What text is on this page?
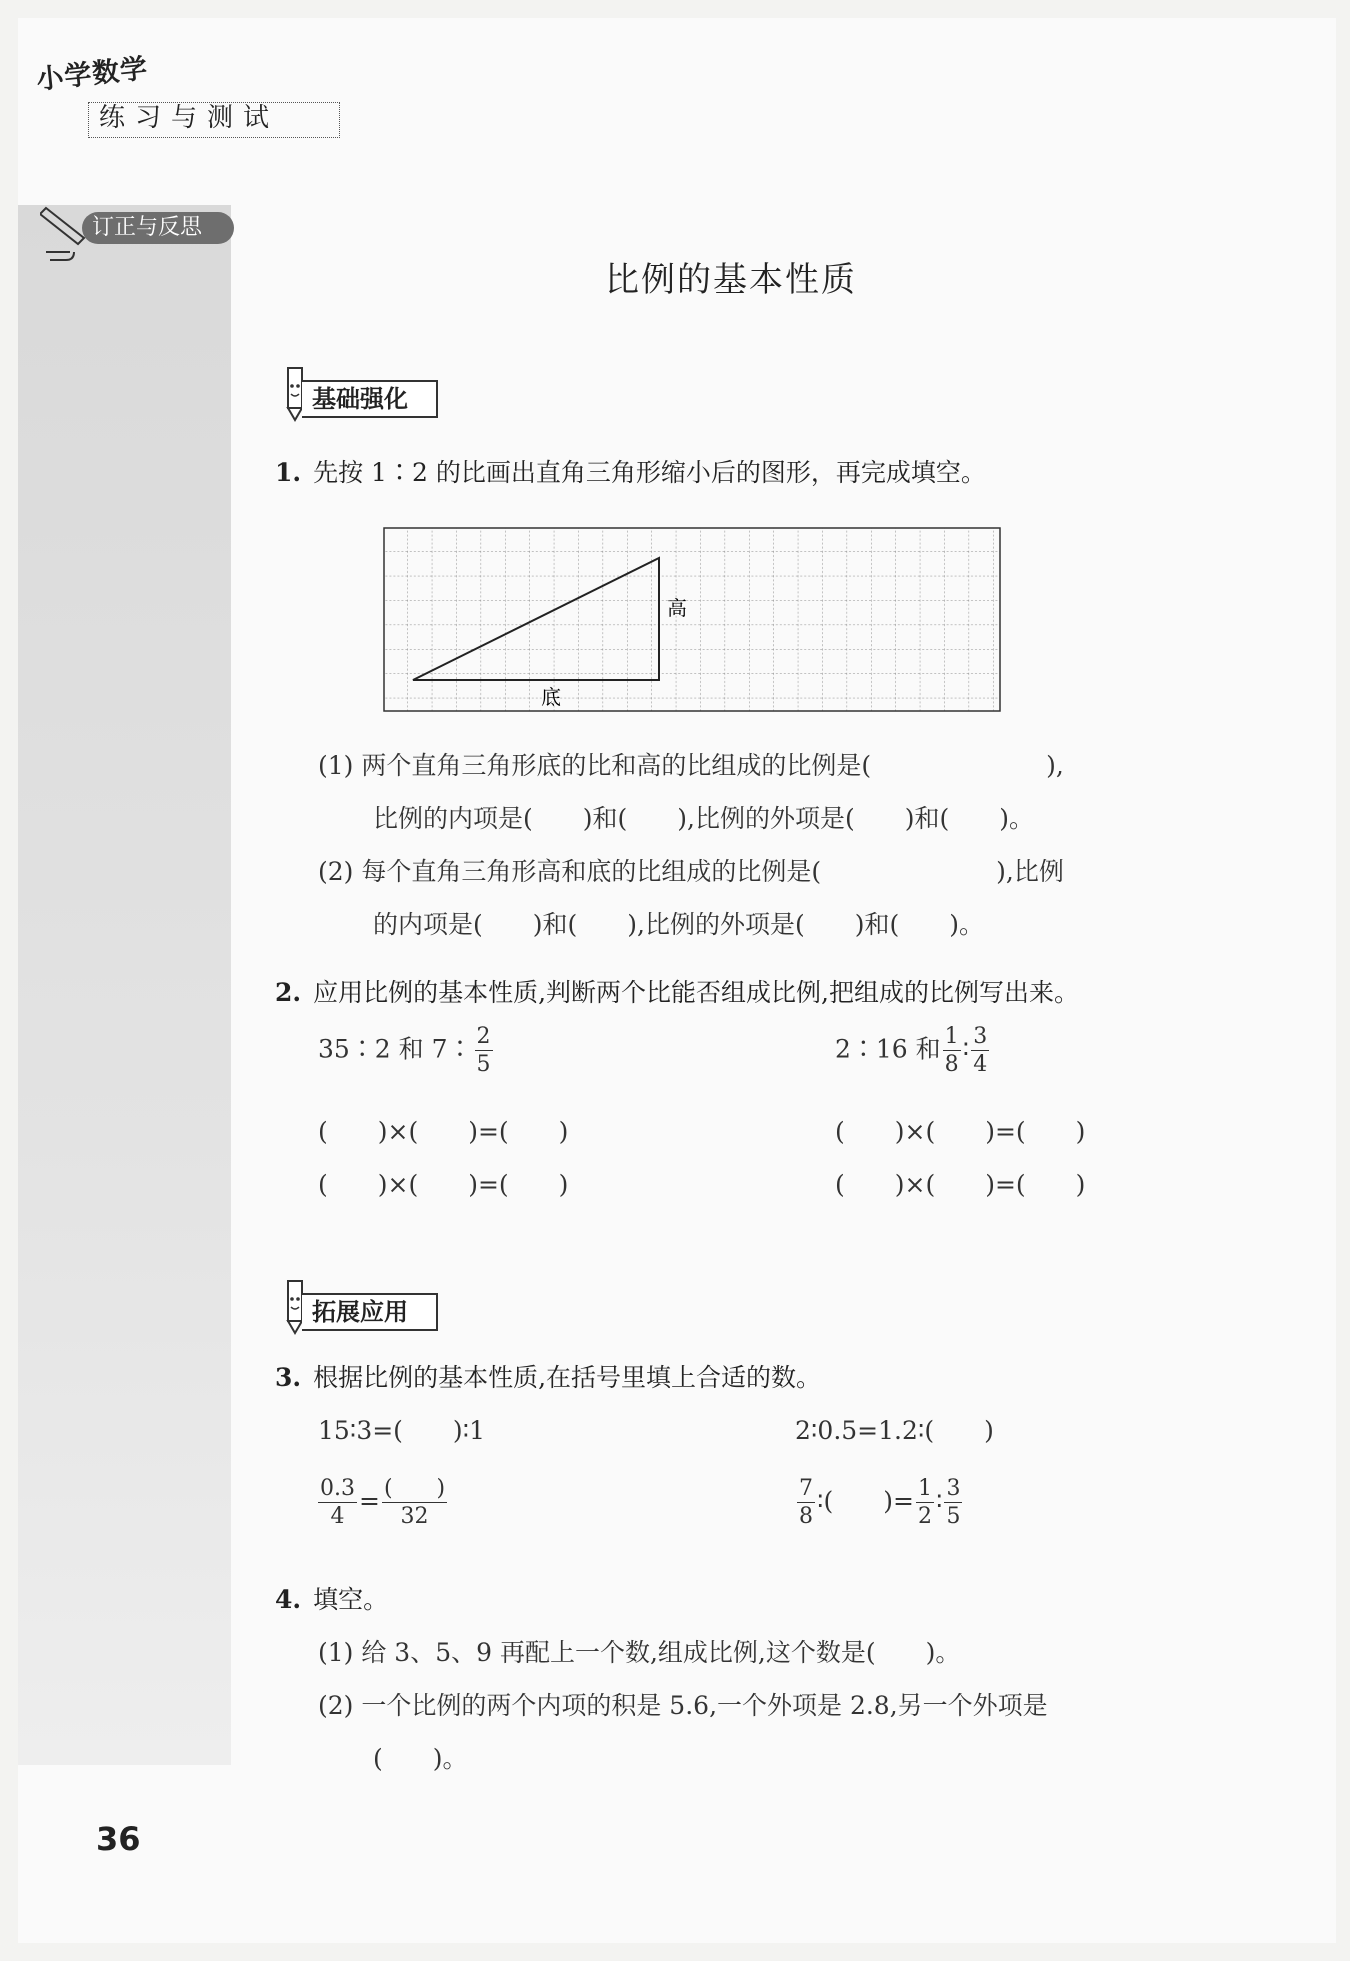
小学数学
练习与测试
订正与反思
比例的基本性质
基础强化
1. 先按 1∶2 的比画出直角三角形缩小后的图形，再完成填空。
高
底
(1) 两个直角三角形底的比和高的比组成的比例是(　　　　　　　),
比例的内项是(　　)和(　　),比例的外项是(　　)和(　　)。
(2) 每个直角三角形高和底的比组成的比例是(　　　　　　　),比例
的内项是(　　)和(　　),比例的外项是(　　)和(　　)。
2. 应用比例的基本性质,判断两个比能否组成比例,把组成的比例写出来。
35∶2 和 7∶ $\frac{2}{5}$	2∶16 和 $\frac{1}{8}$ ∶ $\frac{3}{4}$
(　　)×(　　)=(　　)	(　　)×(　　)=(　　)
(　　)×(　　)=(　　)	(　　)×(　　)=(　　)
拓展应用
3. 根据比例的基本性质,在括号里填上合适的数。
15∶3=(　　)∶1	2∶0.5=1.2∶(　　)
$\frac{0.3}{4} = \frac{( )}{32}$	$\frac{7}{8}$ ∶(　　)= $\frac{1}{2}$ ∶ $\frac{3}{5}$
4. 填空。
(1) 给 3、5、9 再配上一个数,组成比例,这个数是(　　)。
(2) 一个比例的两个内项的积是 5.6,一个外项是 2.8,另一个外项是
(　　)。
36
